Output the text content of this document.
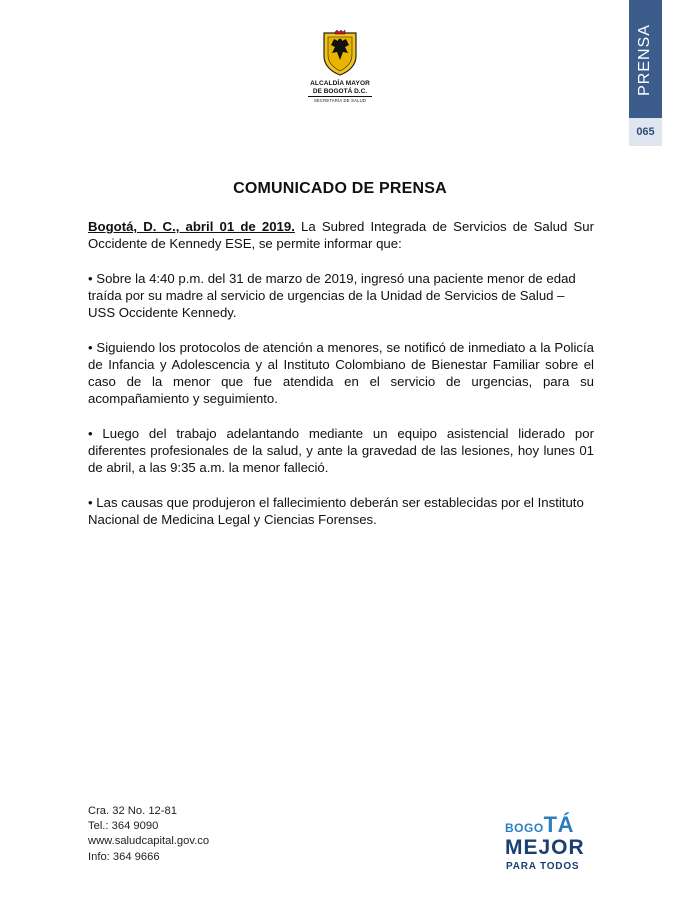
ALCALDÍA MAYOR
DE BOGOTÁ D.C.
SECRETARÍA DE SALUD
PRENSA
065
COMUNICADO DE PRENSA

Bogotá, D. C., abril 01 de 2019. La Subred Integrada de Servicios de Salud Sur Occidente de Kennedy ESE, se permite informar que:

• Sobre la 4:40 p.m. del 31 de marzo de 2019, ingresó una paciente menor de edad traída por su madre al servicio de urgencias de la Unidad de Servicios de Salud – USS Occidente Kennedy.

• Siguiendo los protocolos de atención a menores, se notificó de inmediato a la Policía de Infancia y Adolescencia y al Instituto Colombiano de Bienestar Familiar sobre el caso de la menor que fue atendida en el servicio de urgencias, para su acompañamiento y seguimiento.

• Luego del trabajo adelantando mediante un equipo asistencial liderado por diferentes profesionales de la salud, y ante la gravedad de las lesiones, hoy lunes 01 de abril, a las 9:35 a.m. la menor falleció.

• Las causas que produjeron el fallecimiento deberán ser establecidas por el Instituto Nacional de Medicina Legal y Ciencias Forenses.

Cra. 32 No. 12-81
Tel.: 364 9090
www.saludcapital.gov.co
Info: 364 9666
BOGOTÁ
MEJOR
PARA TODOS
